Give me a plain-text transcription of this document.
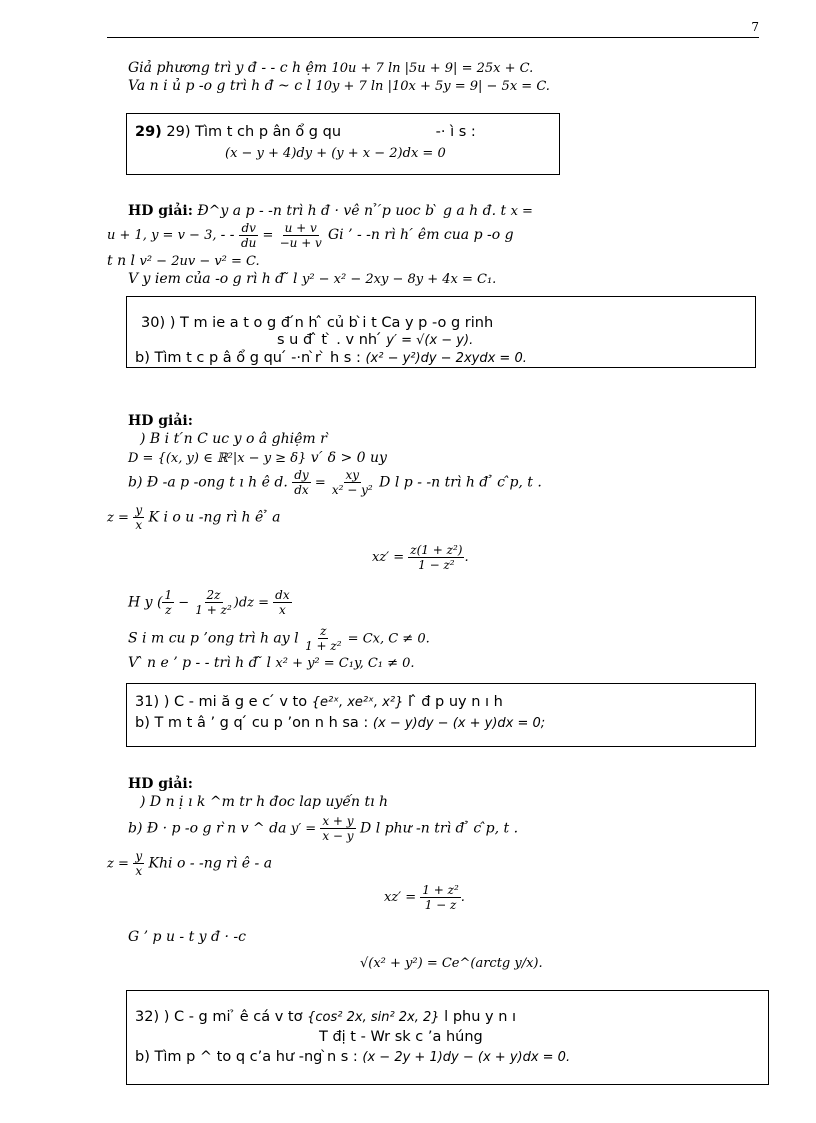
7
Giả phương trì y đ - - c h ệm 10u + 7 ln |5u + 9| = 25x + C.
Va n i ủ p -o g trì h đ ~ c l 10y + 7 ln |10x + 5y = 9| − 5x = C.
29) 29) Tìm t ch p ân ổ g qu	-· ì s :
(x − y + 4)dy + (y + x − 2)dx = 0
HD giải: Đ^y a p - -n trì h đ · vê n ̉ ́p uoc b ̀ g a h đ. t x =
u + 1, y = v − 3, - - $\frac{dv}{du} = \frac{u + v}{-u + v}$ Gi ’ - -n rì h ́ êm cua p -o g
t n l v² − 2uv − v² = C.
V y iem của -o g rì h đ ̃ l y² − x² − 2xy − 8y + 4x = C₁.
30) ) T m ie a t o g đ ́n h ̂ củ b ̀i t Ca y p -o g rinh
s u đ ̂ t ̀ . v nh ́ y′ = √(x − y).
b) Tìm t c p â ổ g qu ́ -·n ̀r ̀ h s : (x² − y²)dy − 2xydx = 0.
HD giải:
) B i t ́n C uc y o â ghiệm r ̀
D = {(x, y) ∈ ℝ²|x − y ≥ δ} v ́ δ > 0 uy
b) Đ -a p -ong t ı h ê d. $\frac{dy}{dx} = \frac{xy}{\text{x² − y²}}$ D l p - -n trì h đ ̉ c ̂p, t .
$z = \frac{y}{x}$ K i o u -ng rì h ê ̉ a
$xz' = \frac{\text{z(1 + z²)}}{\text{1 − z²}}$ .
H y ( $\frac{1}{z} - \frac{2z}{\text{1 + z²}} )dz = \frac{dx}{x}$
S i m cu p ’ong trì h ay l $\frac{z}{\text{1 + z²}} = Cx$, C ≠ 0.
V ̂ n e ’ p - - trì h đ ̃ l x² + y² = C₁y, C₁ ≠ 0.
31) ) C - mi ă g e c ́ v to {e²ˣ, xe²ˣ, x²} l ̂ đ p uy n ı h
b) T m t â ’ g q ́ cu p ’on n h sa : (x − y)dy − (x + y)dx = 0;
HD giải:
) D n ị ı k ^m tr h đoc lap uyến tı h
b) Đ · p -o g r ̀n v ^ da $y' = \frac{x + y}{x - y}$ D l phư -n trì đ ̉ c ̂p, t .
$z = \frac{y}{x}$ Khi o - -ng rì ê - a
$xz' = \frac{\text{1 + z²}}{1 - z}$ .
G ’ p u - t y đ · -c
√(x² + y²) = Ce^(arctg y/x).
32) ) C - g mi ̉ ê cá v tơ {cos² 2x, sin² 2x, 2} l phu y n ı
T đị t - Wr sk c ’a húng
b) Tìm p ^ to q c’a hư -ng ̀n s : (x − 2y + 1)dy − (x + y)dx = 0.
